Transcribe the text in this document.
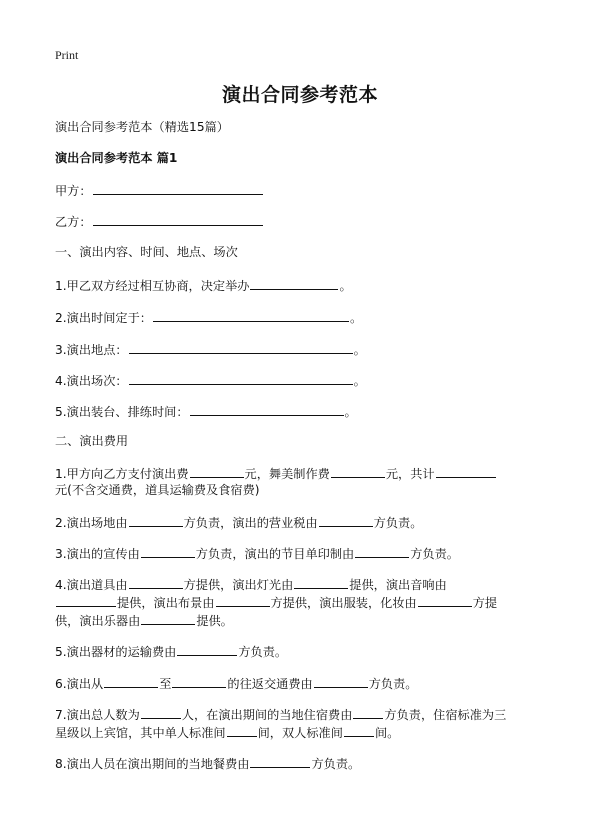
Print
演出合同参考范本
演出合同参考范本（精选15篇）
演出合同参考范本 篇1
甲方：
乙方：
一、演出内容、时间、地点、场次
1.甲乙双方经过相互协商，决定举办	。
2.演出时间定于：	。
3.演出地点：	。
4.演出场次：	。
5.演出装台、排练时间：	。
二、演出费用
1.甲方向乙方支付演出费	元，舞美制作费	元，共计
元(不含交通费，道具运输费及食宿费)
2.演出场地由	方负责，演出的营业税由	方负责。
3.演出的宣传由	方负责，演出的节目单印制由	方负责。
4.演出道具由	方提供，演出灯光由	提供，演出音响由
提供，演出布景由	方提供，演出服装，化妆由	方提
供，演出乐器由	提供。
5.演出器材的运输费由	方负责。
6.演出从	至	的往返交通费由	方负责。
7.演出总人数为	人，在演出期间的当地住宿费由	方负责，住宿标准为三
星级以上宾馆，其中单人标准间	间，双人标准间	间。
8.演出人员在演出期间的当地餐费由	方负责。
